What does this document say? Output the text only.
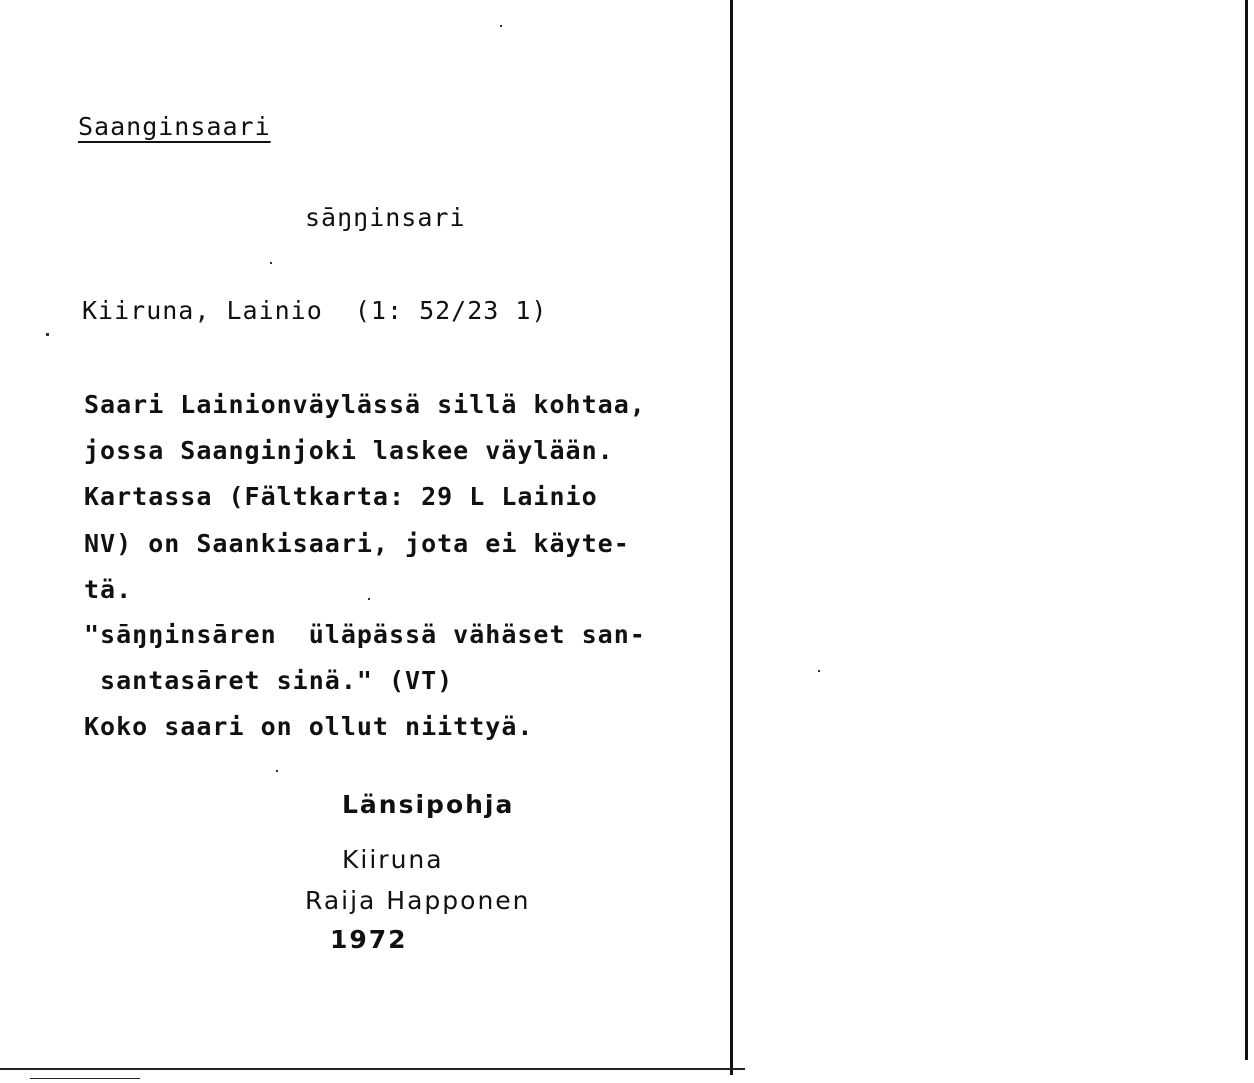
Saanginsaari
sāŋŋinsari
Kiiruna, Lainio  (1: 52/23 1)
Saari Lainionväylässä sillä kohtaa,
jossa Saanginjoki laskee väylään.
Kartassa (Fältkarta: 29 L Lainio
NV) on Saankisaari, jota ei käyte-
tä.
"sāŋŋinsāren  üläpässä vähäset san-
santasāret sinä." (VT)
Koko saari on ollut niittyä.
Länsipohja
Kiiruna
Raija Happonen
1972
